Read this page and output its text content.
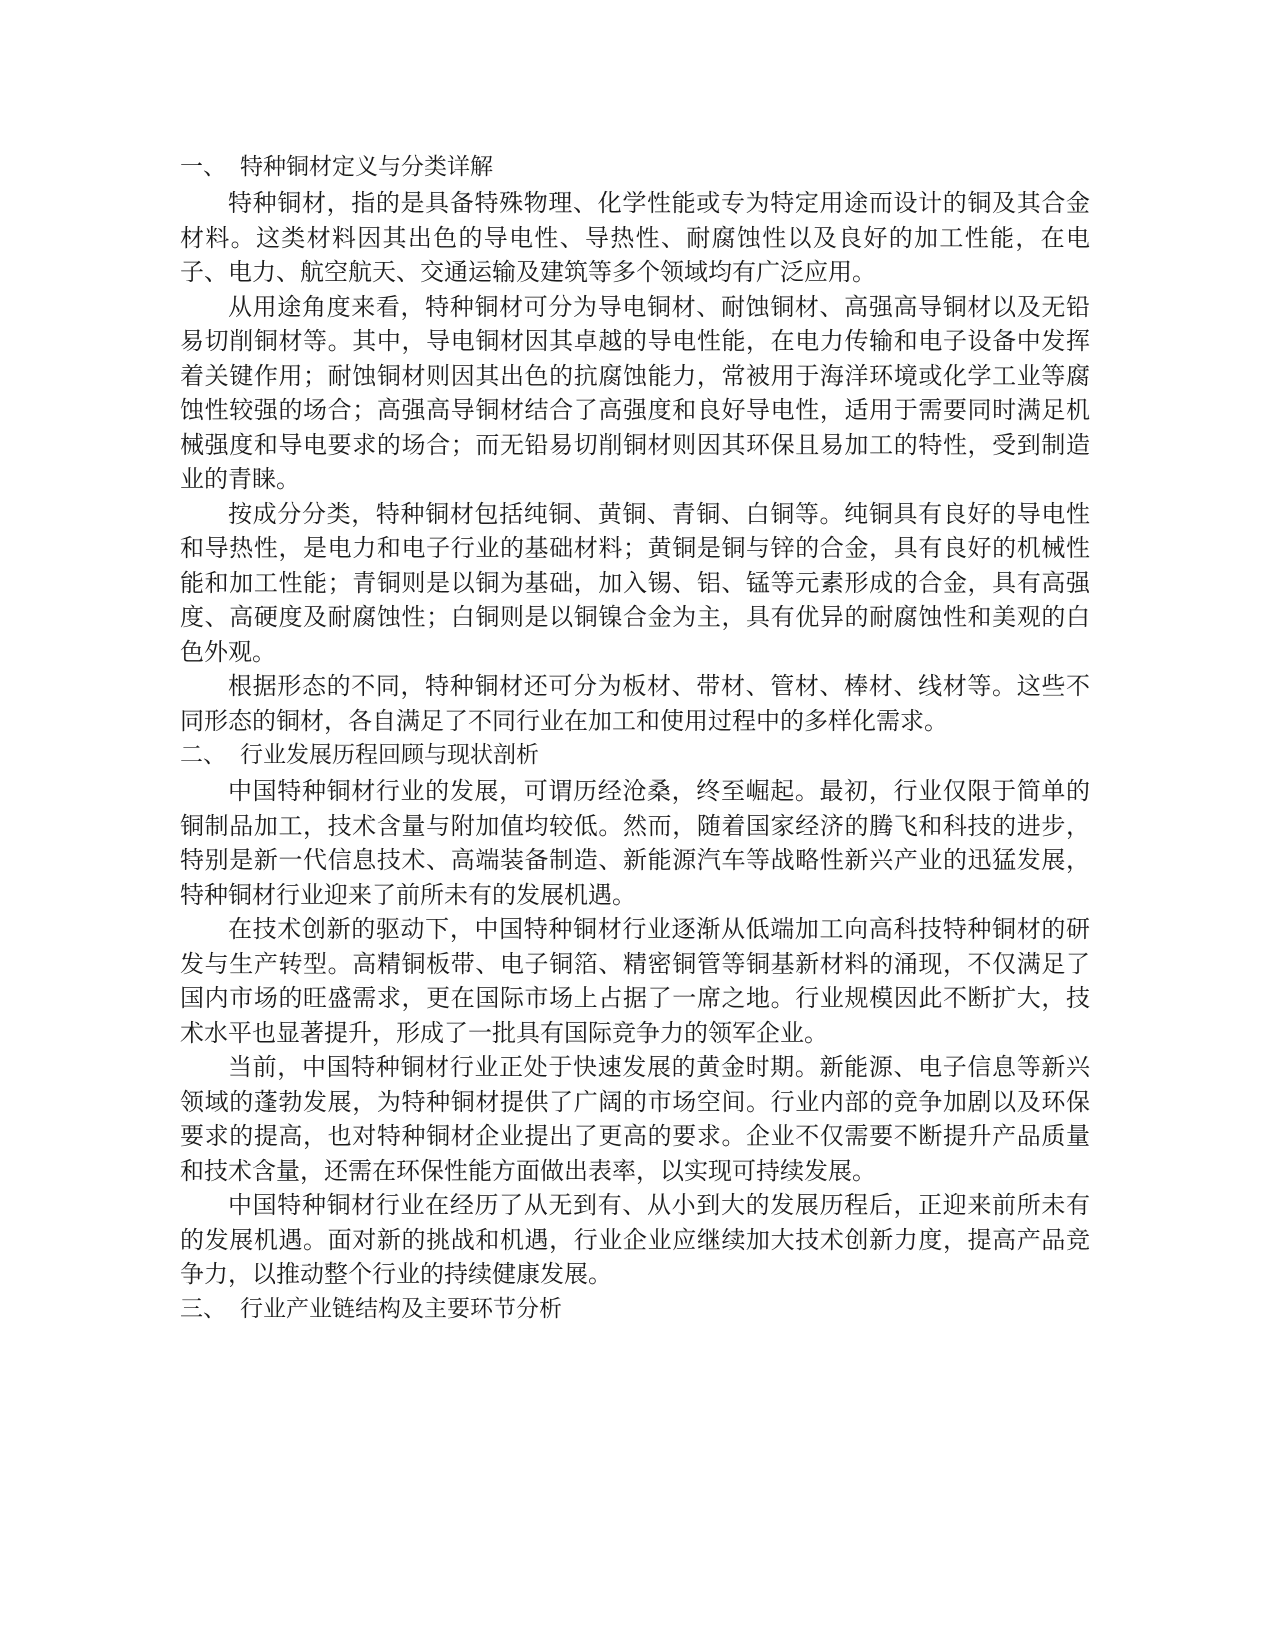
一、 特种铜材定义与分类详解

特种铜材，指的是具备特殊物理、化学性能或专为特定用途而设计的铜及其合金材料。这类材料因其出色的导电性、导热性、耐腐蚀性以及良好的加工性能，在电子、电力、航空航天、交通运输及建筑等多个领域均有广泛应用。

从用途角度来看，特种铜材可分为导电铜材、耐蚀铜材、高强高导铜材以及无铅易切削铜材等。其中，导电铜材因其卓越的导电性能，在电力传输和电子设备中发挥着关键作用；耐蚀铜材则因其出色的抗腐蚀能力，常被用于海洋环境或化学工业等腐蚀性较强的场合；高强高导铜材结合了高强度和良好导电性，适用于需要同时满足机械强度和导电要求的场合；而无铅易切削铜材则因其环保且易加工的特性，受到制造业的青睐。

按成分分类，特种铜材包括纯铜、黄铜、青铜、白铜等。纯铜具有良好的导电性和导热性，是电力和电子行业的基础材料；黄铜是铜与锌的合金，具有良好的机械性能和加工性能；青铜则是以铜为基础，加入锡、铝、锰等元素形成的合金，具有高强度、高硬度及耐腐蚀性；白铜则是以铜镍合金为主，具有优异的耐腐蚀性和美观的白色外观。

根据形态的不同，特种铜材还可分为板材、带材、管材、棒材、线材等。这些不同形态的铜材，各自满足了不同行业在加工和使用过程中的多样化需求。

二、 行业发展历程回顾与现状剖析

中国特种铜材行业的发展，可谓历经沧桑，终至崛起。最初，行业仅限于简单的铜制品加工，技术含量与附加值均较低。然而，随着国家经济的腾飞和科技的进步，特别是新一代信息技术、高端装备制造、新能源汽车等战略性新兴产业的迅猛发展，特种铜材行业迎来了前所未有的发展机遇。

在技术创新的驱动下，中国特种铜材行业逐渐从低端加工向高科技特种铜材的研发与生产转型。高精铜板带、电子铜箔、精密铜管等铜基新材料的涌现，不仅满足了国内市场的旺盛需求，更在国际市场上占据了一席之地。行业规模因此不断扩大，技术水平也显著提升，形成了一批具有国际竞争力的领军企业。

当前，中国特种铜材行业正处于快速发展的黄金时期。新能源、电子信息等新兴领域的蓬勃发展，为特种铜材提供了广阔的市场空间。行业内部的竞争加剧以及环保要求的提高，也对特种铜材企业提出了更高的要求。企业不仅需要不断提升产品质量和技术含量，还需在环保性能方面做出表率，以实现可持续发展。

中国特种铜材行业在经历了从无到有、从小到大的发展历程后，正迎来前所未有的发展机遇。面对新的挑战和机遇，行业企业应继续加大技术创新力度，提高产品竞争力，以推动整个行业的持续健康发展。

三、 行业产业链结构及主要环节分析
